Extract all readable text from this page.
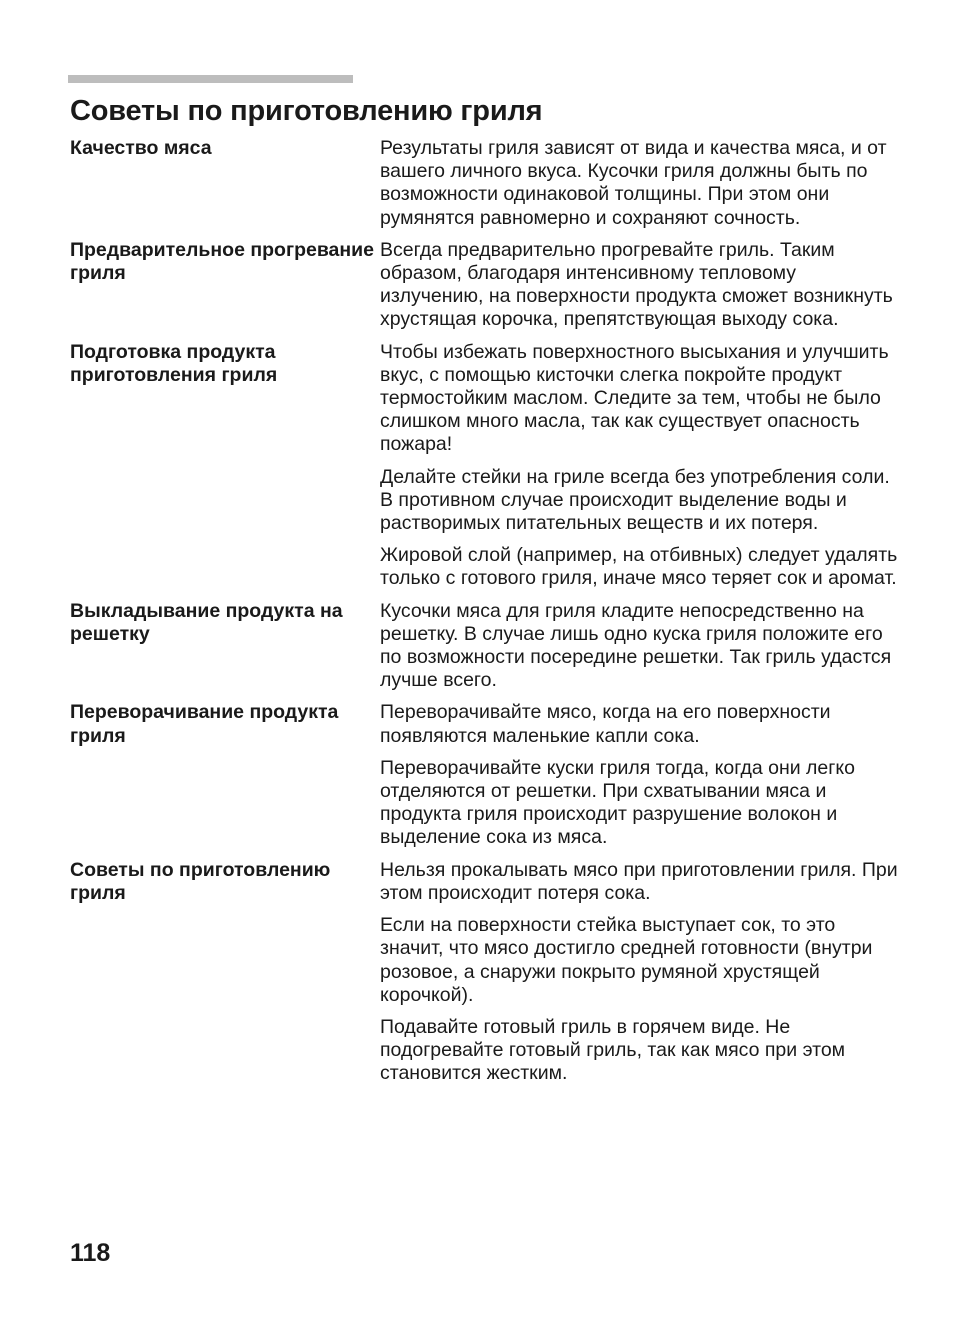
Советы по приготовлению гриля
Качество мяса	Результаты гриля зависят от вида и качества мяса, и от вашего личного вкуса. Кусочки гриля должны быть по возможности одинаковой толщины. При этом они румянятся равномерно и сохраняют сочность.

Предварительное прогревание гриля

Всегда предварительно прогревайте гриль. Таким образом, благодаря интенсивному тепловому излучению, на поверхности продукта сможет возникнуть хрустящая корочка, препятствующая выходу сока.

Подготовка продукта приготовления гриля

Чтобы избежать поверхностного высыхания и улучшить вкус, с помощью кисточки слегка покройте продукт термостойким маслом. Следите за тем, чтобы не было слишком много масла, так как существует опасность пожара!

Делайте стейки на гриле всегда без употребления соли. В противном случае происходит выделение воды и растворимых питательных веществ и их потеря.

Жировой слой (например, на отбивных) следует удалять только с готового гриля, иначе мясо теряет сок и аромат.

Выкладывание продукта на решетку

Кусочки мяса для гриля кладите непосредственно на решетку. В случае лишь одно куска гриля положите его по возможности посередине решетки. Так гриль удастся лучше всего.

Переворачивание продукта гриля

Переворачивайте мясо, когда на его поверхности появляются маленькие капли сока.

Переворачивайте куски гриля тогда, когда они легко отделяются от решетки. При схватывании мяса и продукта гриля происходит разрушение волокон и выделение сока из мяса.

Советы по приготовлению гриля

Нельзя прокалывать мясо при приготовлении гриля. При этом происходит потеря сока.

Если на поверхности стейка выступает сок, то это значит, что мясо достигло средней готовности (внутри розовое, а снаружи покрыто румяной хрустящей корочкой).

Подавайте готовый гриль в горячем виде. Не подогревайте готовый гриль, так как мясо при этом становится жестким.

118
